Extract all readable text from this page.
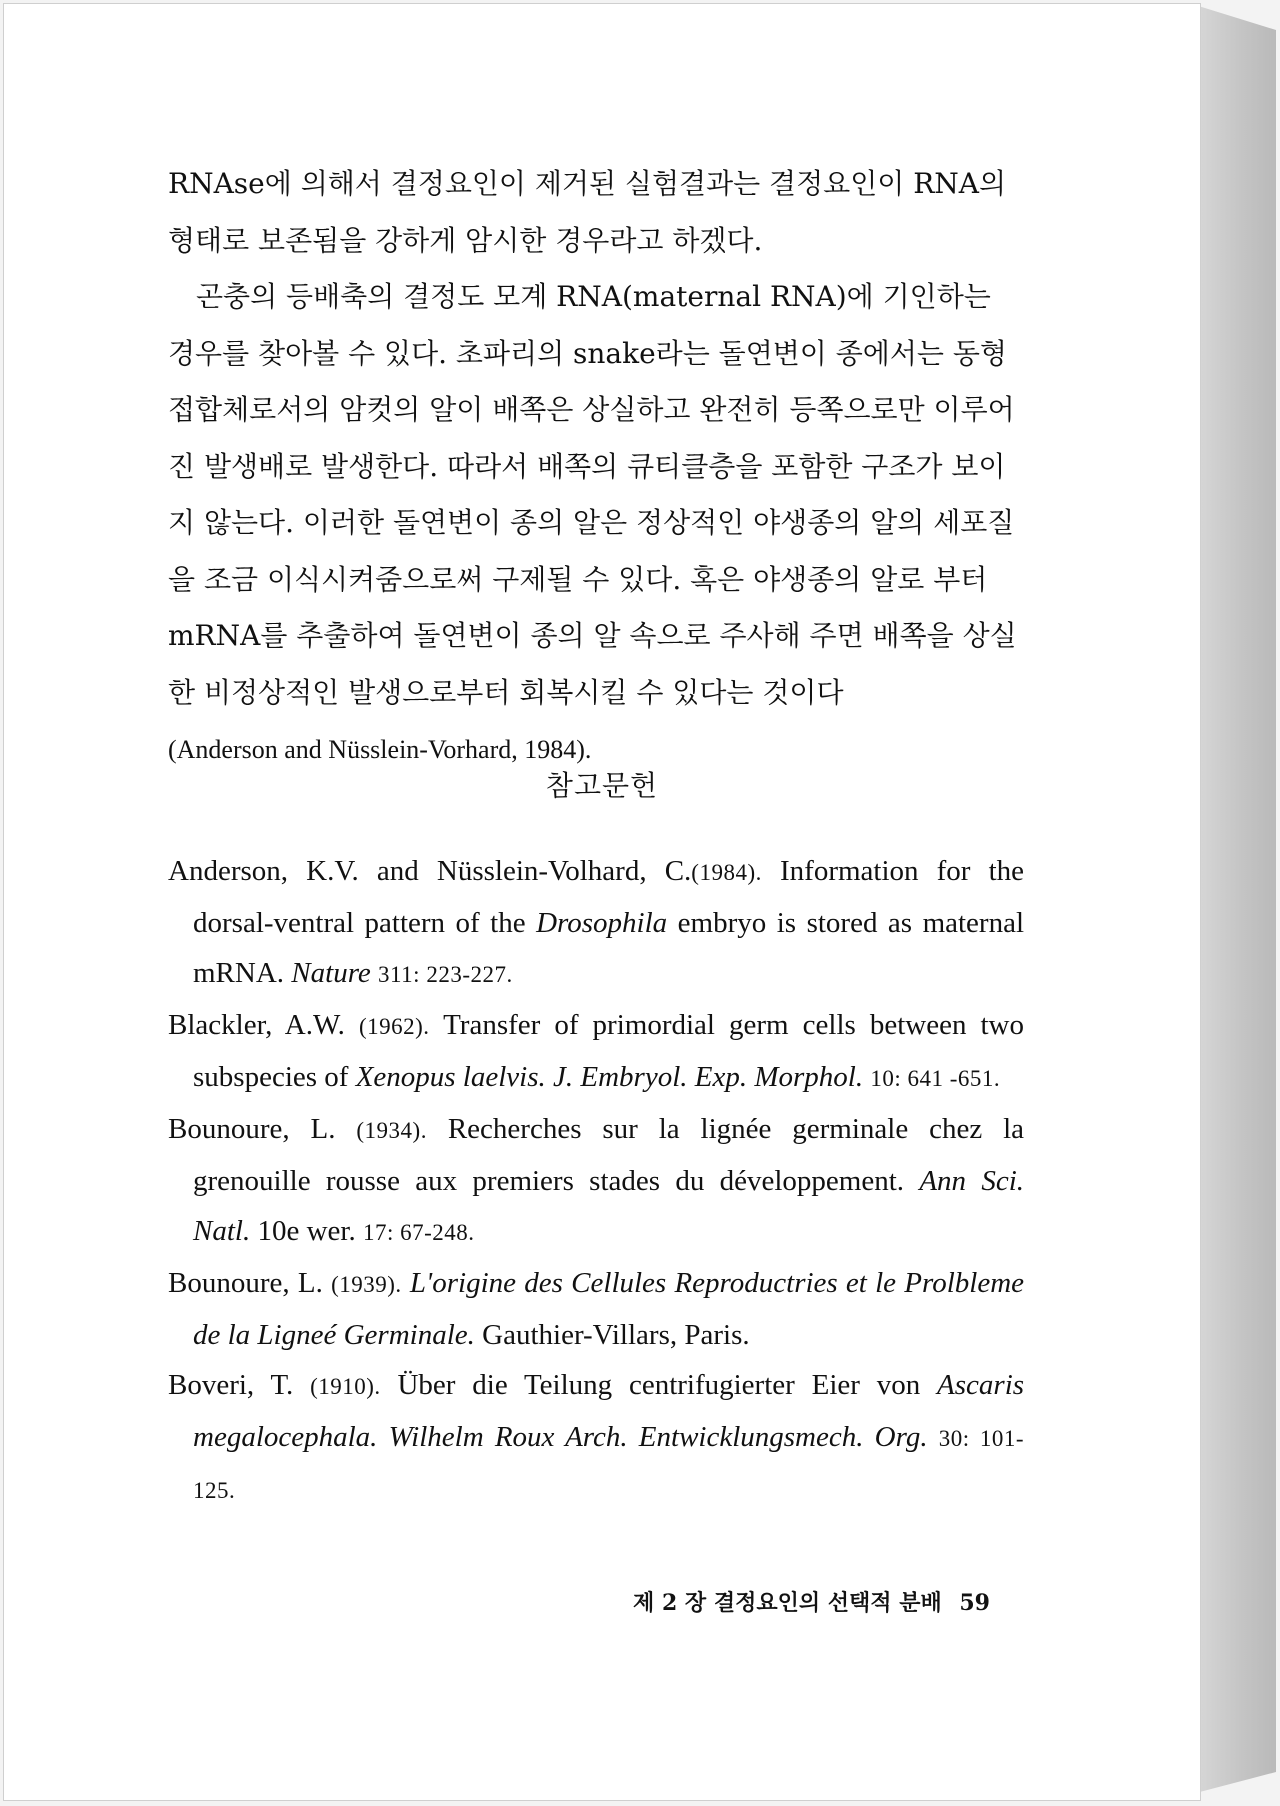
RNAse에 의해서 결정요인이 제거된 실험결과는 결정요인이 RNA의 형태로 보존됨을 강하게 암시한 경우라고 하겠다.

곤충의 등배축의 결정도 모계 RNA(maternal RNA)에 기인하는 경우를 찾아볼 수 있다. 초파리의 snake라는 돌연변이 종에서는 동형접합체로서의 암컷의 알이 배쪽은 상실하고 완전히 등쪽으로만 이루어진 발생배로 발생한다. 따라서 배쪽의 큐티클층을 포함한 구조가 보이지 않는다. 이러한 돌연변이 종의 알은 정상적인 야생종의 알의 세포질을 조금 이식시켜줌으로써 구제될 수 있다. 혹은 야생종의 알로 부터 mRNA를 추출하여 돌연변이 종의 알 속으로 주사해 주면 배쪽을 상실한 비정상적인 발생으로부터 회복시킬 수 있다는 것이다
(Anderson and Nüsslein-Vorhard, 1984).

참고문헌

Anderson, K.V. and Nüsslein-Volhard, C.(1984). Information for the dorsal-ventral pattern of the Drosophila embryo is stored as maternal mRNA. Nature 311: 223-227.

Blackler, A.W. (1962). Transfer of primordial germ cells between two subspecies of Xenopus laelvis. J. Embryol. Exp. Morphol. 10: 641 -651.

Bounoure, L. (1934). Recherches sur la lignée germinale chez la grenouille rousse aux premiers stades du développement. Ann Sci. Natl. 10e wer. 17: 67-248.

Bounoure, L. (1939). L'origine des Cellules Reproductries et le Prolbleme de la Ligneé Germinale. Gauthier-Villars, Paris.

Boveri, T. (1910). Über die Teilung centrifugierter Eier von Ascaris megalocephala. Wilhelm Roux Arch. Entwicklungsmech. Org. 30: 101-125.

제 2 장 결정요인의 선택적 분배 59
